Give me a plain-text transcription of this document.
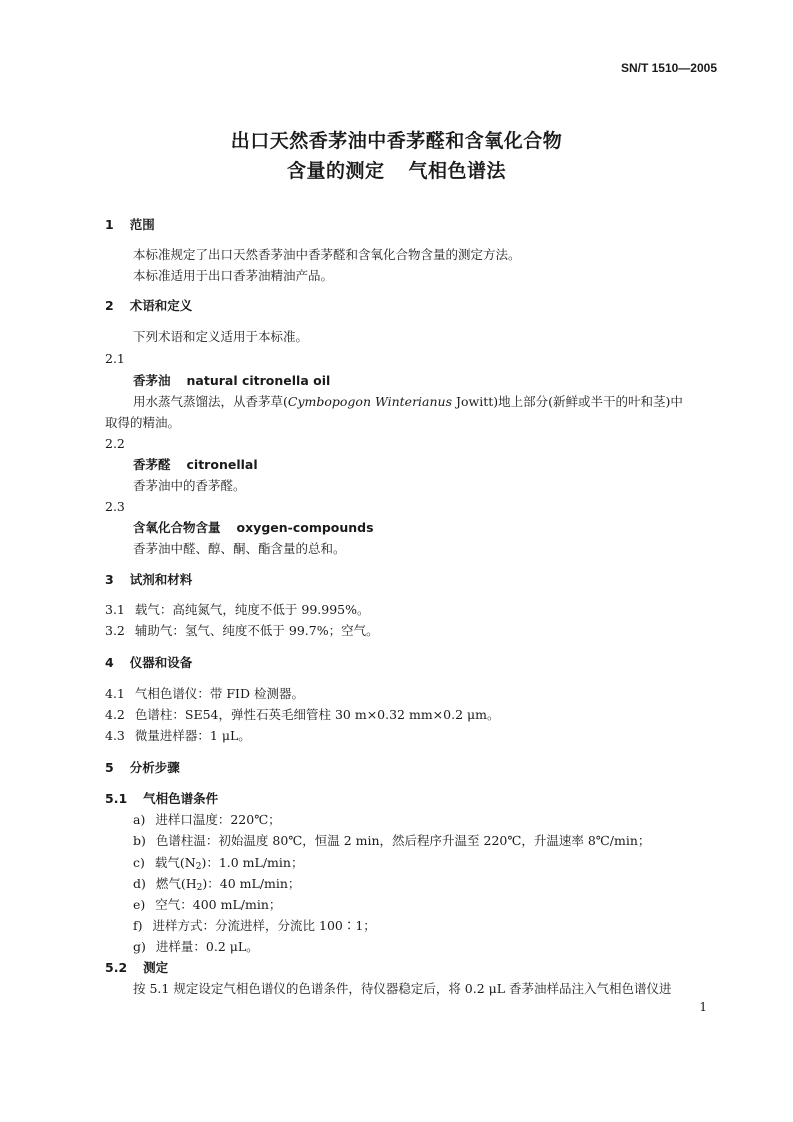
SN/T 1510—2005
出口天然香茅油中香茅醛和含氧化合物
含量的测定 气相色谱法
1 范围
本标准规定了出口天然香茅油中香茅醛和含氧化合物含量的测定方法。
本标准适用于出口香茅油精油产品。
2 术语和定义
下列术语和定义适用于本标准。
2.1
香茅油 natural citronella oil
用水蒸气蒸馏法，从香茅草(Cymbopogon Winterianus Jowitt)地上部分(新鲜或半干的叶和茎)中
取得的精油。
2.2
香茅醛 citronellal
香茅油中的香茅醛。
2.3
含氧化合物含量 oxygen-compounds
香茅油中醛、醇、酮、酯含量的总和。
3 试剂和材料
3.1 载气：高纯氮气，纯度不低于 99.995%。
3.2 辅助气：氢气、纯度不低于 99.7%；空气。
4 仪器和设备
4.1 气相色谱仪：带 FID 检测器。
4.2 色谱柱：SE54，弹性石英毛细管柱 30 m×0.32 mm×0.2 μm。
4.3 微量进样器：1 μL。
5 分析步骤
5.1 气相色谱条件
a) 进样口温度：220℃；
b) 色谱柱温：初始温度 80℃，恒温 2 min，然后程序升温至 220℃，升温速率 8℃/min；
c) 载气$(N_2)$：1.0 mL/min；
d) 燃气$(H_2)$：40 mL/min；
e) 空气：400 mL/min；
f) 进样方式：分流进样，分流比 100∶1；
g) 进样量：0.2 μL。
5.2 测定
按 5.1 规定设定气相色谱仪的色谱条件，待仪器稳定后，将 0.2 μL 香茅油样品注入气相色谱仪进
1
